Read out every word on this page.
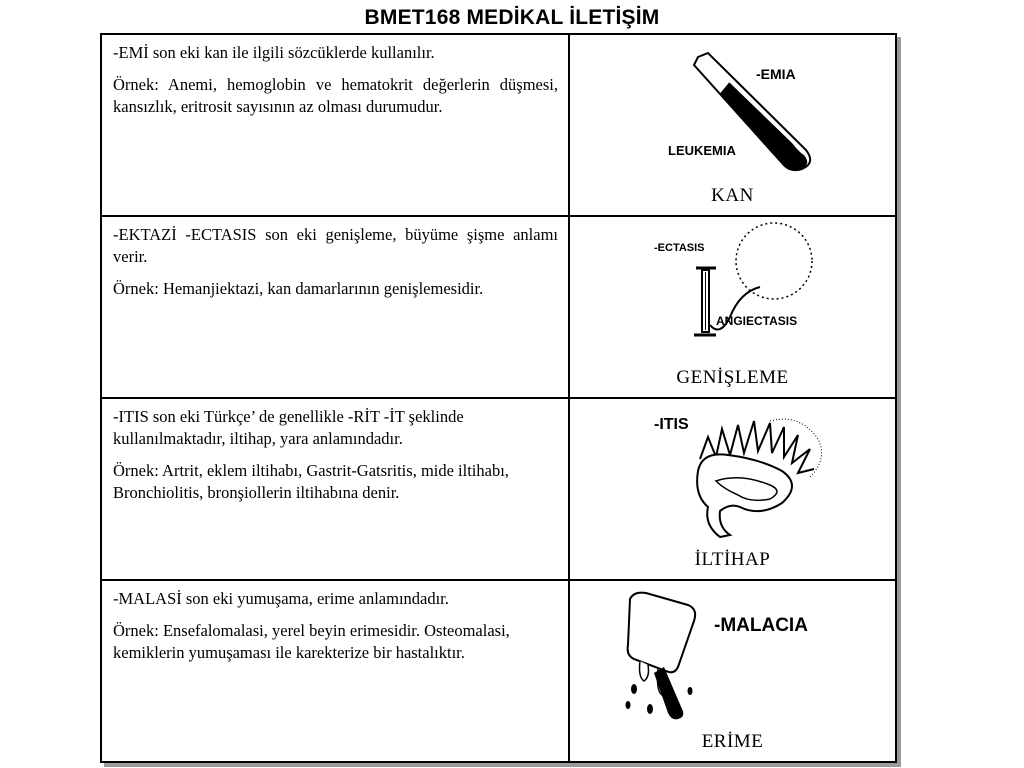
BMET168 MEDİKAL İLETİŞİM

-EMİ son eki kan ile ilgili sözcüklerde kullanılır.

Örnek: Anemi, hemoglobin ve hematokrit değerlerin düşmesi, kansızlık, eritrosit sayısının az olması durumudur.

-EMIA
LEUKEMIA
KAN

-EKTAZİ -ECTASIS son eki genişleme, büyüme şişme anlamı verir.

Örnek: Hemanjiektazi, kan damarlarının genişlemesidir.

-ECTASIS
ANGIECTASIS
GENİŞLEME

-ITIS son eki Türkçe’ de genellikle -RİT -İT şeklinde kullanılmaktadır, iltihap, yara anlamındadır.

Örnek: Artrit, eklem iltihabı, Gastrit-Gatsritis, mide iltihabı, Bronchiolitis, bronşiollerin iltihabına denir.

-ITIS
İLTİHAP

-MALASİ son eki yumuşama, erime anlamındadır.

Örnek: Ensefalomalasi, yerel beyin erimesidir. Osteomalasi, kemiklerin yumuşaması ile karekterize bir hastalıktır.

-MALACIA
ERİME
